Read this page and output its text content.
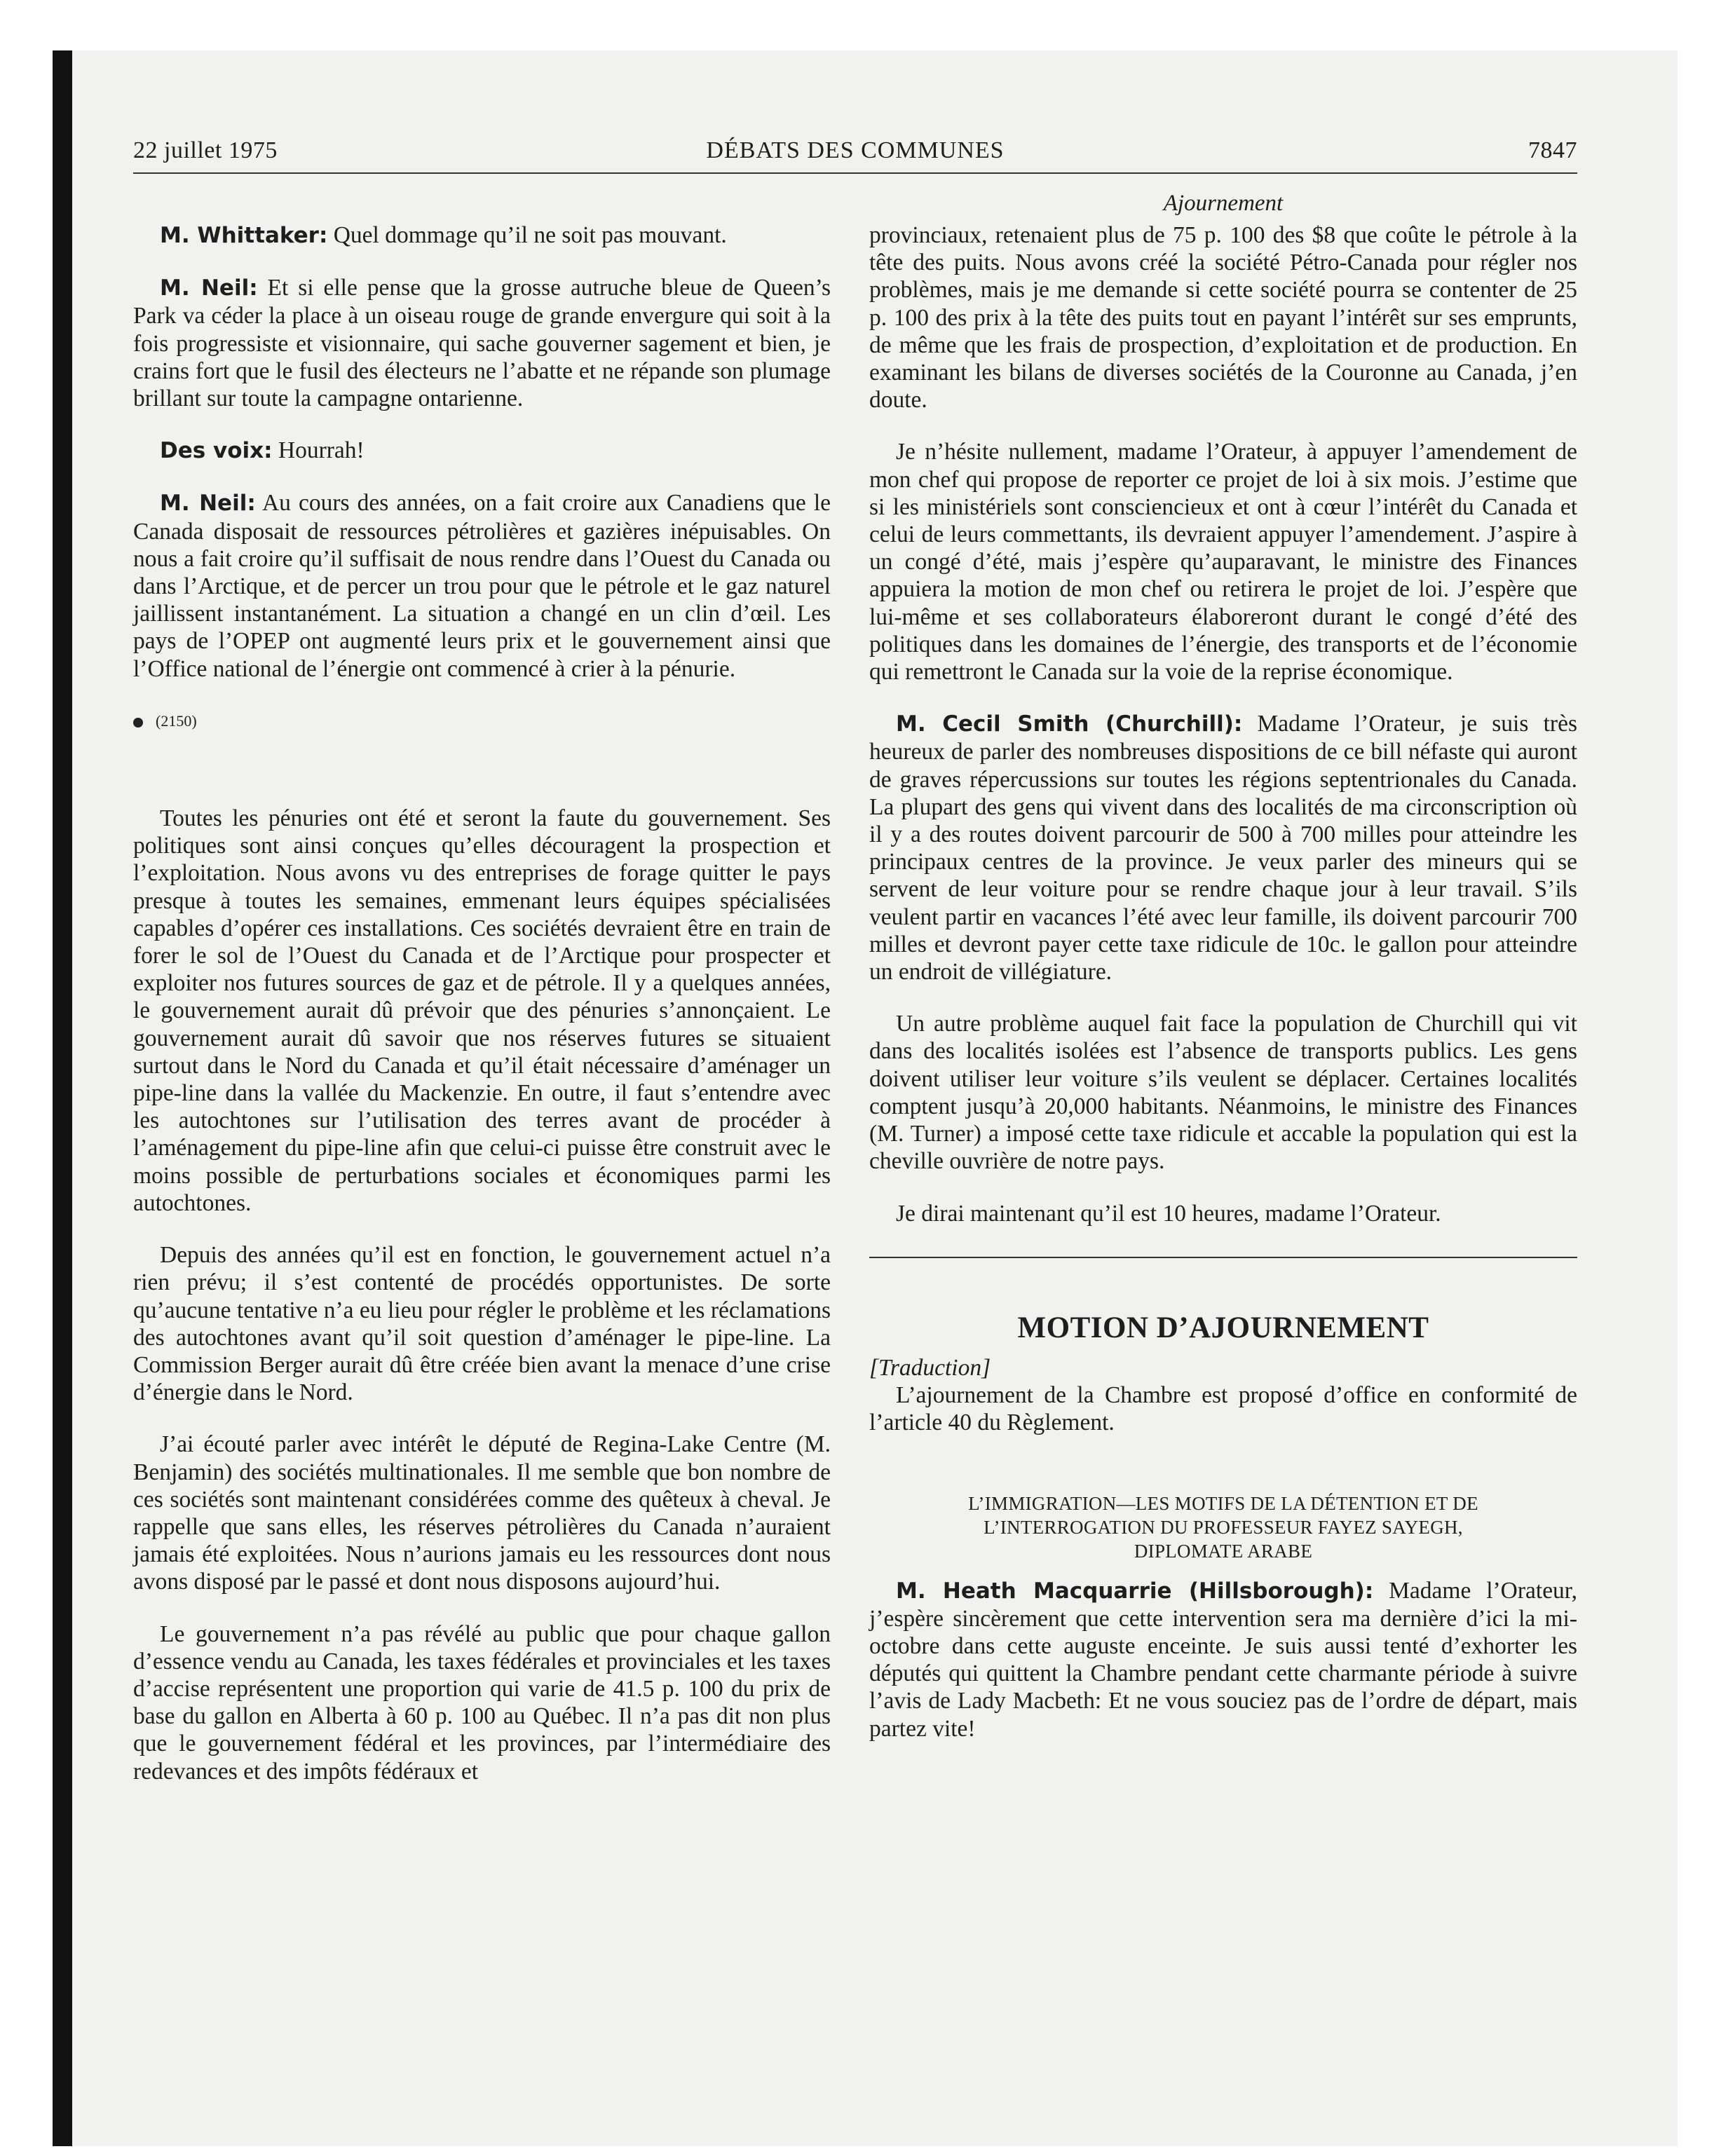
22 juillet 1975	DÉBATS DES COMMUNES	7847
Ajournement

M. Whittaker: Quel dommage qu’il ne soit pas mouvant.

M. Neil: Et si elle pense que la grosse autruche bleue de Queen’s Park va céder la place à un oiseau rouge de grande envergure qui soit à la fois progressiste et visionnaire, qui sache gouverner sagement et bien, je crains fort que le fusil des électeurs ne l’abatte et ne répande son plumage brillant sur toute la campagne ontarienne.

Des voix: Hourrah!

M. Neil: Au cours des années, on a fait croire aux Canadiens que le Canada disposait de ressources pétrolières et gazières inépuisables. On nous a fait croire qu’il suffisait de nous rendre dans l’Ouest du Canada ou dans l’Arctique, et de percer un trou pour que le pétrole et le gaz naturel jaillissent instantanément. La situation a changé en un clin d’œil. Les pays de l’OPEP ont augmenté leurs prix et le gouvernement ainsi que l’Office national de l’énergie ont commencé à crier à la pénurie.

(2150)

Toutes les pénuries ont été et seront la faute du gouvernement. Ses politiques sont ainsi conçues qu’elles découragent la prospection et l’exploitation. Nous avons vu des entreprises de forage quitter le pays presque à toutes les semaines, emmenant leurs équipes spécialisées capables d’opérer ces installations. Ces sociétés devraient être en train de forer le sol de l’Ouest du Canada et de l’Arctique pour prospecter et exploiter nos futures sources de gaz et de pétrole. Il y a quelques années, le gouvernement aurait dû prévoir que des pénuries s’annonçaient. Le gouvernement aurait dû savoir que nos réserves futures se situaient surtout dans le Nord du Canada et qu’il était nécessaire d’aménager un pipe-line dans la vallée du Mackenzie. En outre, il faut s’entendre avec les autochtones sur l’utilisation des terres avant de procéder à l’aménagement du pipe-line afin que celui-ci puisse être construit avec le moins possible de perturbations sociales et économiques parmi les autochtones.

Depuis des années qu’il est en fonction, le gouvernement actuel n’a rien prévu; il s’est contenté de procédés opportunistes. De sorte qu’aucune tentative n’a eu lieu pour régler le problème et les réclamations des autochtones avant qu’il soit question d’aménager le pipe-line. La Commission Berger aurait dû être créée bien avant la menace d’une crise d’énergie dans le Nord.

J’ai écouté parler avec intérêt le député de Regina-Lake Centre (M. Benjamin) des sociétés multinationales. Il me semble que bon nombre de ces sociétés sont maintenant considérées comme des quêteux à cheval. Je rappelle que sans elles, les réserves pétrolières du Canada n’auraient jamais été exploitées. Nous n’aurions jamais eu les ressources dont nous avons disposé par le passé et dont nous disposons aujourd’hui.

Le gouvernement n’a pas révélé au public que pour chaque gallon d’essence vendu au Canada, les taxes fédérales et provinciales et les taxes d’accise représentent une proportion qui varie de 41.5 p. 100 du prix de base du gallon en Alberta à 60 p. 100 au Québec. Il n’a pas dit non plus que le gouvernement fédéral et les provinces, par l’intermédiaire des redevances et des impôts fédéraux et

provinciaux, retenaient plus de 75 p. 100 des $8 que coûte le pétrole à la tête des puits. Nous avons créé la société Pétro-Canada pour régler nos problèmes, mais je me demande si cette société pourra se contenter de 25 p. 100 des prix à la tête des puits tout en payant l’intérêt sur ses emprunts, de même que les frais de prospection, d’exploitation et de production. En examinant les bilans de diverses sociétés de la Couronne au Canada, j’en doute.

Je n’hésite nullement, madame l’Orateur, à appuyer l’amendement de mon chef qui propose de reporter ce projet de loi à six mois. J’estime que si les ministériels sont consciencieux et ont à cœur l’intérêt du Canada et celui de leurs commettants, ils devraient appuyer l’amendement. J’aspire à un congé d’été, mais j’espère qu’auparavant, le ministre des Finances appuiera la motion de mon chef ou retirera le projet de loi. J’espère que lui-même et ses collaborateurs élaboreront durant le congé d’été des politiques dans les domaines de l’énergie, des transports et de l’économie qui remettront le Canada sur la voie de la reprise économique.

M. Cecil Smith (Churchill): Madame l’Orateur, je suis très heureux de parler des nombreuses dispositions de ce bill néfaste qui auront de graves répercussions sur toutes les régions septentrionales du Canada. La plupart des gens qui vivent dans des localités de ma circonscription où il y a des routes doivent parcourir de 500 à 700 milles pour atteindre les principaux centres de la province. Je veux parler des mineurs qui se servent de leur voiture pour se rendre chaque jour à leur travail. S’ils veulent partir en vacances l’été avec leur famille, ils doivent parcourir 700 milles et devront payer cette taxe ridicule de 10c. le gallon pour atteindre un endroit de villégiature.

Un autre problème auquel fait face la population de Churchill qui vit dans des localités isolées est l’absence de transports publics. Les gens doivent utiliser leur voiture s’ils veulent se déplacer. Certaines localités comptent jusqu’à 20,000 habitants. Néanmoins, le ministre des Finances (M. Turner) a imposé cette taxe ridicule et accable la population qui est la cheville ouvrière de notre pays.

Je dirai maintenant qu’il est 10 heures, madame l’Orateur.

MOTION D’AJOURNEMENT

[Traduction]

L’ajournement de la Chambre est proposé d’office en conformité de l’article 40 du Règlement.

L’IMMIGRATION—LES MOTIFS DE LA DÉTENTION ET DE
L’INTERROGATION DU PROFESSEUR FAYEZ SAYEGH,
DIPLOMATE ARABE

M. Heath Macquarrie (Hillsborough): Madame l’Orateur, j’espère sincèrement que cette intervention sera ma dernière d’ici la mi-octobre dans cette auguste enceinte. Je suis aussi tenté d’exhorter les députés qui quittent la Chambre pendant cette charmante période à suivre l’avis de Lady Macbeth: Et ne vous souciez pas de l’ordre de départ, mais partez vite!
